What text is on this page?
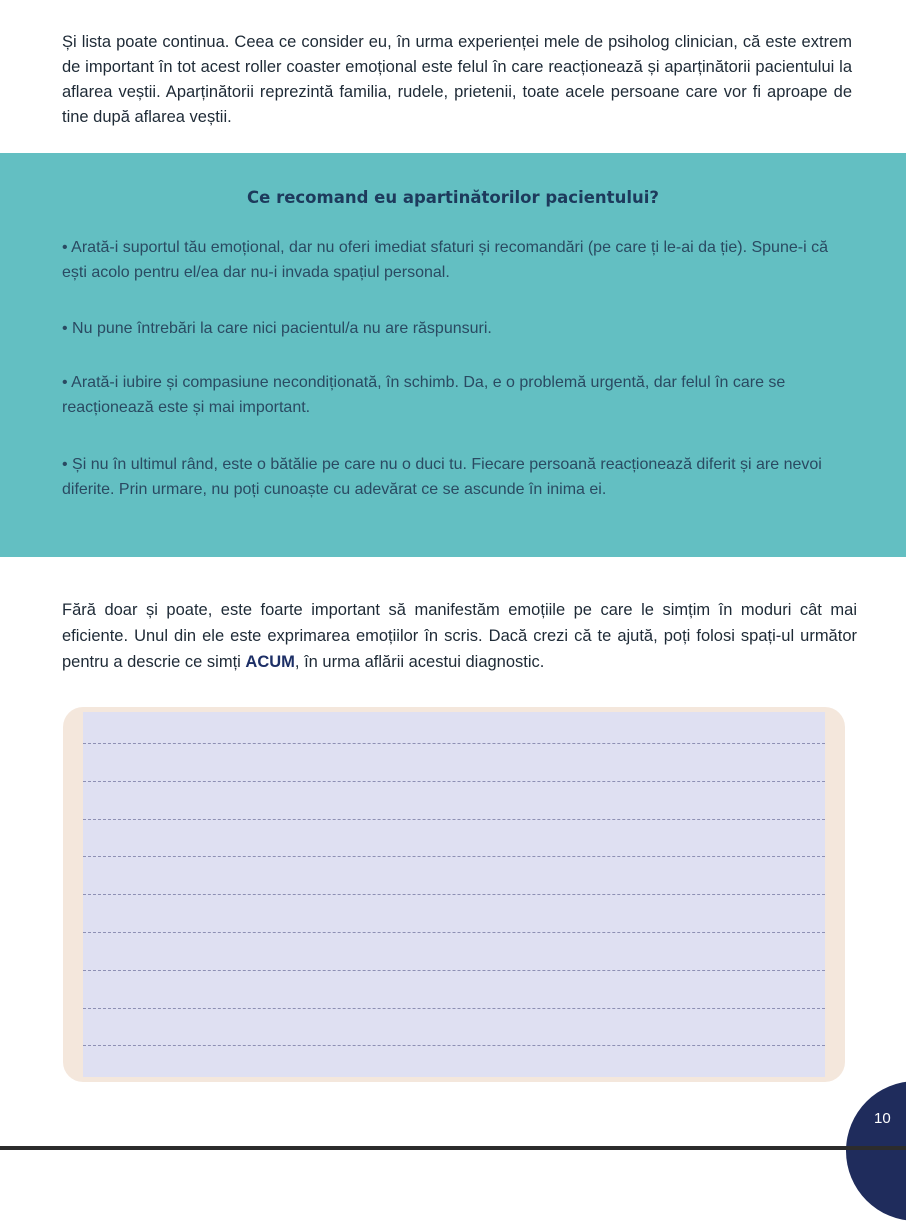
Și lista poate continua. Ceea ce consider eu, în urma experienței mele de psiholog clinician, că este extrem de important în tot acest roller coaster emoțional este felul în care reacționează și aparținătorii pacientului la aflarea veștii. Aparținătorii reprezintă familia, rudele, prietenii, toate acele persoane care vor fi aproape de tine după aflarea veștii.

Ce recomand eu apartinătorilor pacientului?

• Arată-i suportul tău emoțional, dar nu oferi imediat sfaturi și recomandări (pe care ți le-ai da ție). Spune-i că ești acolo pentru el/ea dar nu-i invada spațiul personal.

• Nu pune întrebări la care nici pacientul/a nu are răspunsuri.

• Arată-i iubire și compasiune necondiționată, în schimb. Da, e o problemă urgentă, dar felul în care se reacționează este și mai important.

• Și nu în ultimul rând, este o bătălie pe care nu o duci tu. Fiecare persoană reacționează diferit și are nevoi diferite. Prin urmare, nu poți cunoaște cu adevărat ce se ascunde în inima ei.

Fără doar și poate, este foarte important să manifestăm emoțiile pe care le simțim în moduri cât mai eficiente. Unul din ele este exprimarea emoțiilor în scris. Dacă crezi că te ajută, poți folosi spați-ul următor pentru a descrie ce simți ACUM, în urma aflării acestui diagnostic.

10
